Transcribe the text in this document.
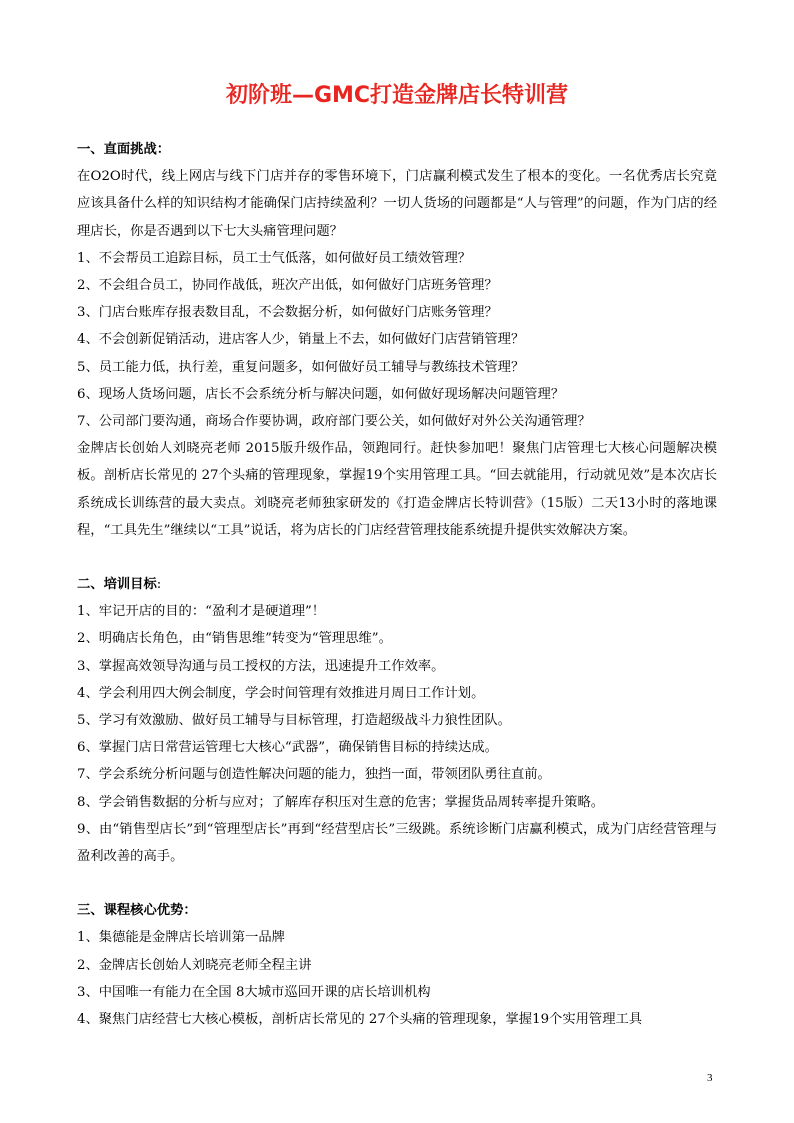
初阶班—GMC打造金牌店长特训营
一、直面挑战：
在O2O时代，线上网店与线下门店并存的零售环境下，门店赢利模式发生了根本的变化。一名优秀店长究竟应该具备什么样的知识结构才能确保门店持续盈利？一切人货场的问题都是“人与管理”的问题，作为门店的经理店长，你是否遇到以下七大头痛管理问题？
1、不会帮员工追踪目标，员工士气低落，如何做好员工绩效管理？
2、不会组合员工，协同作战低，班次产出低，如何做好门店班务管理？
3、门店台账库存报表数目乱，不会数据分析，如何做好门店账务管理？
4、不会创新促销活动，进店客人少，销量上不去，如何做好门店营销管理？
5、员工能力低，执行差，重复问题多，如何做好员工辅导与教练技术管理？
6、现场人货场问题，店长不会系统分析与解决问题，如何做好现场解决问题管理？
7、公司部门要沟通，商场合作要协调，政府部门要公关，如何做好对外公关沟通管理？
金牌店长创始人刘晓亮老师 2015版升级作品，领跑同行。赶快参加吧！聚焦门店管理七大核心问题解决模板。剖析店长常见的 27个头痛的管理现象，掌握19个实用管理工具。“回去就能用，行动就见效”是本次店长系统成长训练营的最大卖点。刘晓亮老师独家研发的《打造金牌店长特训营》（15版）二天13小时的落地课程，“工具先生”继续以“工具”说话，将为店长的门店经营管理技能系统提升提供实效解决方案。
二、培训目标:
1、牢记开店的目的：“盈利才是硬道理”！
2、明确店长角色，由“销售思维”转变为“管理思维”。
3、掌握高效领导沟通与员工授权的方法，迅速提升工作效率。
4、学会利用四大例会制度，学会时间管理有效推进月周日工作计划。
5、学习有效激励、做好员工辅导与目标管理，打造超级战斗力狼性团队。
6、掌握门店日常营运管理七大核心“武器”，确保销售目标的持续达成。
7、学会系统分析问题与创造性解决问题的能力，独挡一面，带领团队勇往直前。
8、学会销售数据的分析与应对；了解库存积压对生意的危害；掌握货品周转率提升策略。
9、由“销售型店长”到“管理型店长”再到“经营型店长”三级跳。系统诊断门店赢利模式，成为门店经营管理与盈利改善的高手。
三、课程核心优势：
1、集德能是金牌店长培训第一品牌
2、金牌店长创始人刘晓亮老师全程主讲
3、中国唯一有能力在全国 8大城市巡回开课的店长培训机构
4、聚焦门店经营七大核心模板，剖析店长常见的 27个头痛的管理现象，掌握19个实用管理工具
3
